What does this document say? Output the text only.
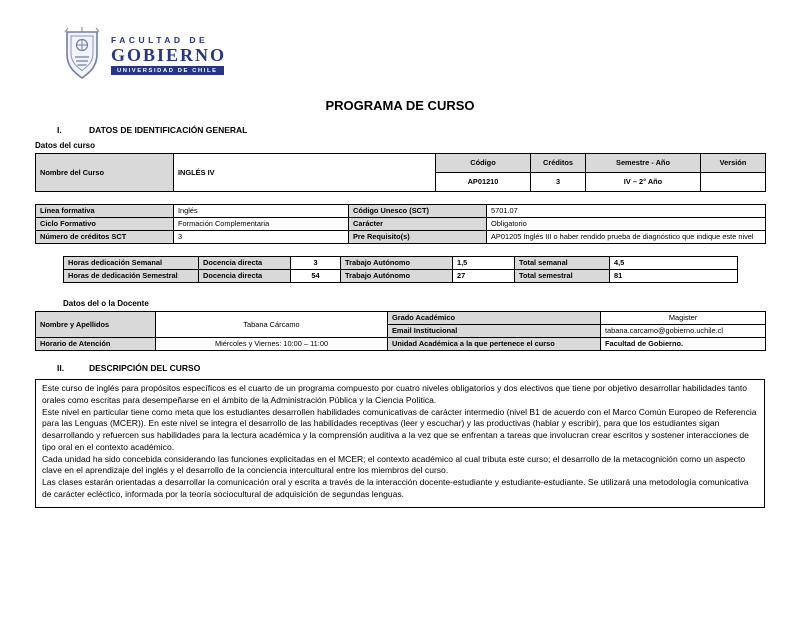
FACULTAD DE
GOBIERNO
UNIVERSIDAD DE CHILE
PROGRAMA DE CURSO
I.	DATOS DE IDENTIFICACIÓN GENERAL
Datos del curso
Nombre del Curso	INGLÉS IV	Código	Créditos	Semestre - Año	Versión
		AP01210	3	IV – 2° Año	
Línea formativa	Inglés	Código Unesco (SCT)	5701.07
Ciclo Formativo	Formación Complementaria	Carácter	Obligatorio
Número de créditos SCT	3	Pre Requisito(s)	AP01205 Inglés III o haber rendido prueba de diagnóstico que indique este nivel
Horas dedicación Semanal	Docencia directa	3	Trabajo Autónomo	1,5	Total semanal	4,5
Horas de dedicación Semestral	Docencia directa	54	Trabajo Autónomo	27	Total semestral	81
Datos del o la Docente
Nombre y Apellidos	Tabana Cárcamo	Grado Académico	Magister
		Email Institucional	tabana.carcamo@gobierno.uchile.cl
Horario de Atención	Miércoles y Viernes: 10:00 – 11:00	Unidad Académica a la que pertenece el curso	Facultad de Gobierno.
II.	DESCRIPCIÓN DEL CURSO

Este curso de inglés para propósitos específicos es el cuarto de un programa compuesto por cuatro niveles obligatorios y dos electivos que tiene por objetivo desarrollar habilidades tanto orales como escritas para desempeñarse en el ámbito de la Administración Pública y la Ciencia Política.

Este nivel en particular tiene como meta que los estudiantes desarrollen habilidades comunicativas de carácter intermedio (nivel B1 de acuerdo con el Marco Común Europeo de Referencia para las Lenguas (MCER)). En este nivel se integra el desarrollo de las habilidades receptivas (leer y escuchar) y las productivas (hablar y escribir), para que los estudiantes sigan desarrollando y refuercen sus habilidades para la lectura académica y la comprensión auditiva a la vez que se enfrentan a tareas que involucran crear escritos y sostener interacciones de tipo oral en el contexto académico.

Cada unidad ha sido concebida considerando las funciones explicitadas en el MCER; el contexto académico al cual tributa este curso; el desarrollo de la metacognición como un aspecto clave en el aprendizaje del inglés y el desarrollo de la conciencia intercultural entre los miembros del curso.

Las clases estarán orientadas a desarrollar la comunicación oral y escrita a través de la interacción docente-estudiante y estudiante-estudiante. Se utilizará una metodología comunicativa de carácter ecléctico, informada por la teoría sociocultural de adquisición de segundas lenguas.
